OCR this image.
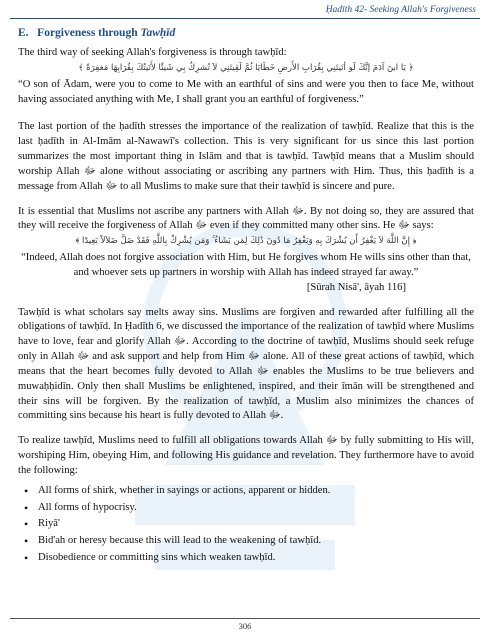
Ḥadīth 42- Seeking Allah's Forgiveness
E. Forgiveness through Tawḥīd

The third way of seeking Allah's forgiveness is through tawḥīd:

﴿ يَا ابنَ آدَمَ إنَّكَ لَو أتَيتَنِي بِقُرَابِ الأَرضِ خَطَايَا ثُمَّ لَقِيتَنِي لاَ تُشرِكُ بِي شَيئًا لأَتَيتُكَ بِقُرَابِهَا مَغفِرَةً ﴾

“O son of Ādam, were you to come to Me with an earthful of sins and were you then to face Me, without having associated anything with Me, I shall grant you an earthful of forgiveness.”

The last portion of the ḥadīth stresses the importance of the realization of tawḥīd. Realize that this is the last ḥadīth in Al-Imām al-Nawawī's collection. This is very significant for us since this last portion summarizes the most important thing in Islām and that is tawḥīd. Tawḥīd means that a Muslim should worship Allah ﷻ alone without associating or ascribing any partners with Him. Thus, this ḥadīth is a message from Allah ﷻ to all Muslims to make sure that their tawḥīd is sincere and pure.

It is essential that Muslims not ascribe any partners with Allah ﷻ. By not doing so, they are assured that they will receive the forgiveness of Allah ﷻ even if they committed many other sins. He ﷻ says:

﴿ إِنَّ اللَّهَ لاَ يَغْفِرُ أَن يُشْرَكَ بِهِ وَيَغْفِرُ مَا دُونَ ذَٰلِكَ لِمَن يَشَاءُ ۚ وَمَن يُشْرِكْ بِاللَّهِ فَقَدْ ضَلَّ ضَلاَلاً بَعِيدًا ﴾

“Indeed, Allah does not forgive association with Him, but He forgives whom He wills sins other than that, and whoever sets up partners in worship with Allah has indeed strayed far away.”

[Sūrah Nisā', āyah 116]

Tawḥīd is what scholars say melts away sins. Muslims are forgiven and rewarded after fulfilling all the obligations of tawḥīd. In Ḥadīth 6, we discussed the importance of the realization of tawḥīd where Muslims have to love, fear and glorify Allah ﷻ. According to the doctrine of tawḥīd, Muslims should seek refuge only in Allah ﷻ and ask support and help from Him ﷻ alone. All of these great actions of tawḥīd, which means that the heart becomes fully devoted to Allah ﷻ enables the Muslims to be true believers and muwaḥḥidīn. Only then shall Muslims be enlightened, inspired, and their īmān will be strengthened and their sins will be forgiven. By the realization of tawḥīd, a Muslim also minimizes the chances of committing sins because his heart is fully devoted to Allah ﷻ.

To realize tawḥīd, Muslims need to fulfill all obligations towards Allah ﷻ by fully submitting to His will, worshiping Him, obeying Him, and following His guidance and revelation. They furthermore have to avoid the following:

• All forms of shirk, whether in sayings or actions, apparent or hidden.
• All forms of hypocrisy.
• Riyā'
• Bid'ah or heresy because this will lead to the weakening of tawḥīd.
• Disobedience or committing sins which weaken tawḥīd.
306
